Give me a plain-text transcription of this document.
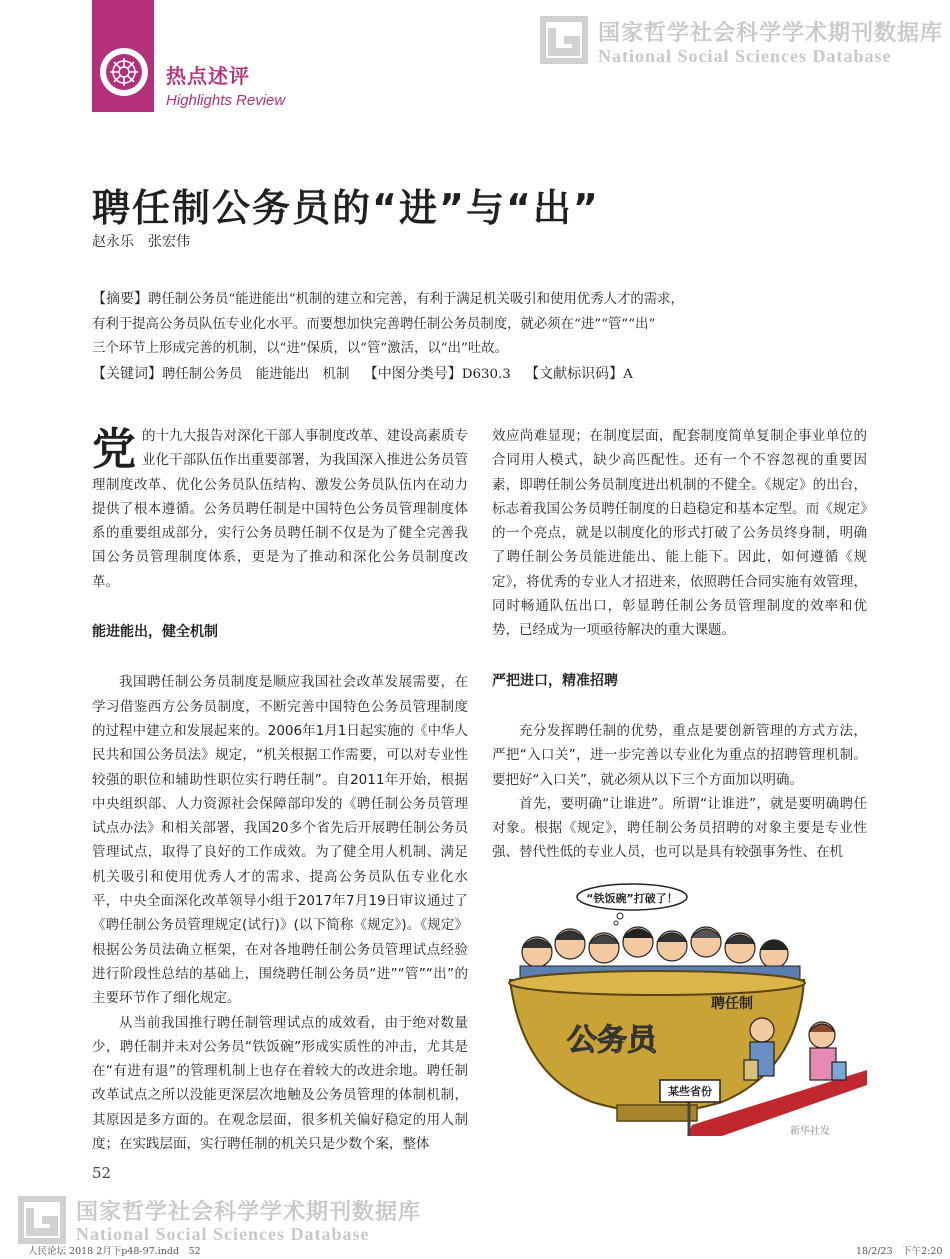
热点述评
Highlights Review
国家哲学社会科学学术期刊数据库
National Social Sciences Database
聘任制公务员的“进”与“出”
赵永乐　张宏伟
【摘要】聘任制公务员“能进能出”机制的建立和完善，有利于满足机关吸引和使用优秀人才的需求，
有利于提高公务员队伍专业化水平。而要想加快完善聘任制公务员制度，就必须在“进”“管”“出”
三个环节上形成完善的机制，以“进”保质，以“管”激活，以“出”吐故。
【关键词】聘任制公务员　能进能出　机制 【中图分类号】D630.3 【文献标识码】A

党的十九大报告对深化干部人事制度改革、建设高素质专业化干部队伍作出重要部署，为我国深入推进公务员管理制度改革、优化公务员队伍结构、激发公务员队伍内在动力提供了根本遵循。公务员聘任制是中国特色公务员管理制度体系的重要组成部分，实行公务员聘任制不仅是为了健全完善我国公务员管理制度体系，更是为了推动和深化公务员制度改革。

能进能出，健全机制

我国聘任制公务员制度是顺应我国社会改革发展需要，在学习借鉴西方公务员制度，不断完善中国特色公务员管理制度的过程中建立和发展起来的。2006年1月1日起实施的《中华人民共和国公务员法》规定，“机关根据工作需要，可以对专业性较强的职位和辅助性职位实行聘任制”。自2011年开始，根据中央组织部、人力资源社会保障部印发的《聘任制公务员管理试点办法》和相关部署，我国20多个省先后开展聘任制公务员管理试点，取得了良好的工作成效。为了健全用人机制、满足机关吸引和使用优秀人才的需求、提高公务员队伍专业化水平，中央全面深化改革领导小组于2017年7月19日审议通过了《聘任制公务员管理规定(试行)》(以下简称《规定》)。《规定》根据公务员法确立框架，在对各地聘任制公务员管理试点经验进行阶段性总结的基础上，围绕聘任制公务员“进”“管”“出”的主要环节作了细化规定。

从当前我国推行聘任制管理试点的成效看，由于绝对数量少，聘任制并未对公务员“铁饭碗”形成实质性的冲击，尤其是在“有进有退”的管理机制上也存在着较大的改进余地。聘任制改革试点之所以没能更深层次地触及公务员管理的体制机制，其原因是多方面的。在观念层面，很多机关偏好稳定的用人制度；在实践层面，实行聘任制的机关只是少数个案，整体

效应尚难显现；在制度层面，配套制度简单复制企事业单位的合同用人模式，缺少高匹配性。还有一个不容忽视的重要因素，即聘任制公务员制度进出机制的不健全。《规定》的出台，标志着我国公务员聘任制度的日趋稳定和基本定型。而《规定》的一个亮点，就是以制度化的形式打破了公务员终身制，明确了聘任制公务员能进能出、能上能下。因此，如何遵循《规定》，将优秀的专业人才招进来，依照聘任合同实施有效管理，同时畅通队伍出口，彰显聘任制公务员管理制度的效率和优势，已经成为一项亟待解决的重大课题。

严把进口，精准招聘

充分发挥聘任制的优势，重点是要创新管理的方式方法，严把“入口关”，进一步完善以专业化为重点的招聘管理机制。要把好“入口关”，就必须从以下三个方面加以明确。

首先，要明确“让谁进”。所谓“让谁进”，就是要明确聘任对象。根据《规定》，聘任制公务员招聘的对象主要是专业性强、替代性低的专业人员，也可以是具有较强事务性、在机

“铁饭碗”打破了！
公务员
聘任制
某些省份
新华社发
52
国家哲学社会科学学术期刊数据库
National Social Sciences Database
人民论坛 2018 2月下p48-97.indd　52	18/2/23　下午2:20
